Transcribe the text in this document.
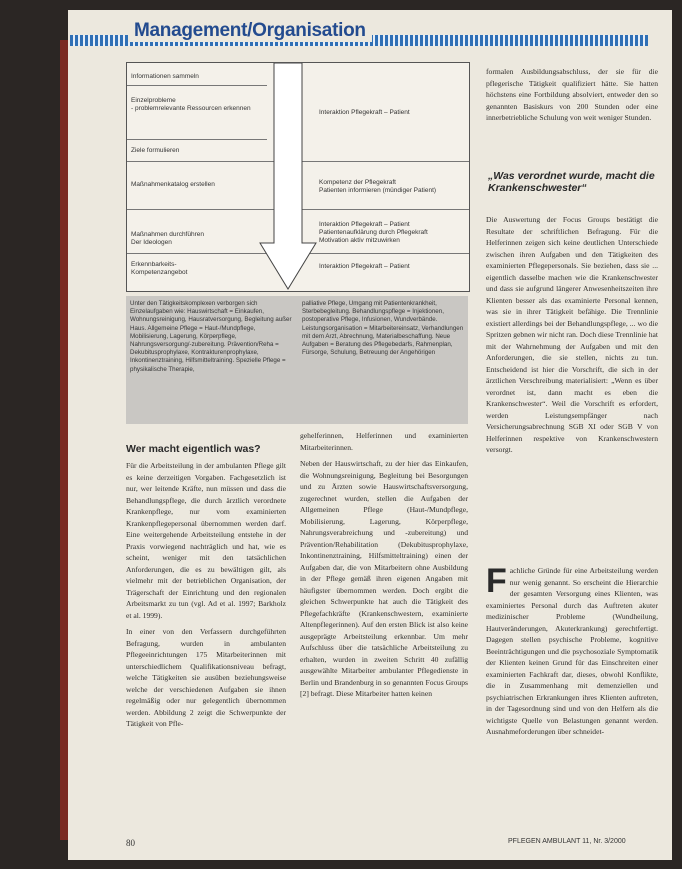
Management/Organisation
Informationen sammeln
Einzelprobleme
- problemrelevante Ressourcen erkennen
Ziele formulieren
Maßnahmenkatalog erstellen
Maßnahmen durchführen
Der Ideologen
Erkennbarkeits-
Kompetenzangebot
Interaktion Pflegekraft – Patient
Kompetenz der Pflegekraft
Patienten informieren (mündiger Patient)
Interaktion Pflegekraft – Patient
Patientenaufklärung durch Pflegekraft
Motivation aktiv mitzuwirken
Interaktion Pflegekraft – Patient
Unter den Tätigkeitskomplexen verborgen sich Einzelaufgaben wie: Hauswirtschaft = Einkaufen, Wohnungsreinigung, Hausratversorgung, Begleitung außer Haus. Allgemeine Pflege = Haut-/Mundpflege, Mobilisierung, Lagerung, Körperpflege, Nahrungsversorgung/-zubereitung. Prävention/Reha = Dekubitusprophylaxe, Kontrakturenprophylaxe, Inkontinenztraining, Hilfsmitteltraining. Spezielle Pflege = physikalische Therapie,
palliative Pflege, Umgang mit Patientenkrankheit, Sterbebegleitung. Behandlungspflege = Injektionen, postoperative Pflege, Infusionen, Wundverbände. Leistungsorganisation = Mitarbeitereinsatz, Verhandlungen mit dem Arzt, Abrechnung, Materialbeschaffung. Neue Aufgaben = Beratung des Pflegebedarfs, Rahmenplan, Fürsorge, Schulung, Betreuung der Angehörigen
Wer macht eigentlich was?

Für die Arbeitsteilung in der ambulanten Pflege gilt es keine derzeitigen Vorgaben. Fachgesetzlich ist nur, wer leitende Kräfte, nun müssen und dass die Behandlungspflege, die durch ärztlich verordnete Krankenpflege, nur vom examinierten Krankenpflegepersonal übernommen werden darf. Eine weitergehende Arbeitsteilung entstehe in der Praxis vorwiegend nachträglich und hat, wie es scheint, weniger mit den tatsächlichen Anforderungen, die es zu bewältigen gilt, als vielmehr mit der betrieblichen Organisation, der Trägerschaft der Einrichtung und den regionalen Arbeitsmarkt zu tun (vgl. Ad et al. 1997; Barkholz et al. 1999).

In einer von den Verfassern durchgeführten Befragung, wurden in ambulanten Pflegeeinrichtungen 175 Mitarbeiterinnen mit unterschiedlichem Qualifikationsniveau befragt, welche Tätigkeiten sie ausüben beziehungsweise welche der verschiedenen Aufgaben sie ihnen regelmäßig oder nur gelegentlich übernommen werden. Abbildung 2 zeigt die Schwerpunkte der Tätigkeit von Pfle-

gehelferinnen, Helferinnen und examinierten Mitarbeiterinnen.

Neben der Hauswirtschaft, zu der hier das Einkaufen, die Wohnungsreinigung, Begleitung bei Besorgungen und zu Ärzten sowie Hauswirtschaftsversorgung, zugerechnet wurden, stellen die Aufgaben der Allgemeinen Pflege (Haut-/Mundpflege, Mobilisierung, Lagerung, Körperpflege, Nahrungsverabreichung und -zubereitung) und Prävention/Rehabilitation (Dekubitusprophylaxe, Inkontinenztraining, Hilfsmitteltraining) einen der Aufgaben dar, die von Mitarbeitern ohne Ausbildung in der Pflege gemäß ihren eigenen Angaben mit häufigster übernommen werden. Doch ergibt die gleichen Schwerpunkte hat auch die Tätigkeit des Pflegefachkräfte (Krankenschwestern, examinierte Altenpflegerinnen). Auf den ersten Blick ist also keine ausgeprägte Arbeitsteilung erkennbar. Um mehr Aufschluss über die tatsächliche Arbeitsteilung zu erhalten, wurden in zweiten Schritt 40 zufällig ausgewählte Mitarbeiter ambulanter Pflegedienste in Berlin und Brandenburg in so genannten Focus Groups [2] befragt. Diese Mitarbeiter hatten keinen

formalen Ausbildungsabschluss, der sie für die pflegerische Tätigkeit qualifiziert hätte. Sie hatten höchstens eine Fortbildung absolviert, entweder den so genannten Basiskurs von 200 Stunden oder eine innerbetriebliche Schulung von weit weniger Stunden.
„Was verordnet wurde, macht die Krankenschwester“
Die Auswertung der Focus Groups bestätigt die Resultate der schriftlichen Befragung. Für die Helferinnen zeigen sich keine deutlichen Unterschiede zwischen ihren Aufgaben und den Tätigkeiten des examinierten Pflegepersonals. Sie beziehen, dass sie ... eigentlich dasselbe machen wie die Krankenschwester und dass sie aufgrund längerer Anwesenheitszeiten ihre Klienten besser als das examinierte Personal kennen, was sie in ihrer Tätigkeit befähige. Die Trennlinie existiert allerdings bei der Behandlungspflege, ... wo die Spritzen gebnen wir nicht ran. Doch diese Trennlinie hat mit der Wahrnehmung der Aufgaben und mit den Anforderungen, die sie stellen, nichts zu tun. Entscheidend ist hier die Vorschrift, die sich in der ärztlichen Verschreibung materialisiert: „Wenn es über verordnet ist, dann macht es eben die Krankenschwester“. Weil die Vorschrift es erfordert, werden Leistungsempfänger nach Versicherungsabrechnung SGB XI oder SGB V von Helferinnen respektive von Krankenschwestern versorgt.
Fachliche Gründe für eine Arbeitsteilung werden nur wenig genannt. So erscheint die Hierarchie der gesamten Versorgung eines Klienten, was examiniertes Personal durch das Auftreten akuter medizinischer Probleme (Wundheilung, Hautveränderungen, Akuterkrankung) gerechtfertigt. Dagegen stellen psychische Probleme, kognitive Beeinträchtigungen und die psychosoziale Symptomatik der Klienten keinen Grund für das Einschreiten einer examinierten Fachkraft dar, dieses, obwohl Konflikte, die in Zusammenhang mit demenziellen und psychiatrischen Erkrankungen ihres Klienten auftreten, in der Tagesordnung sind und von den Helfern als die wichtigste Quelle von Belastungen genannt werden. Ausnahmeforderungen über schneidet-
80	PFLEGEN AMBULANT 11, Nr. 3/2000
